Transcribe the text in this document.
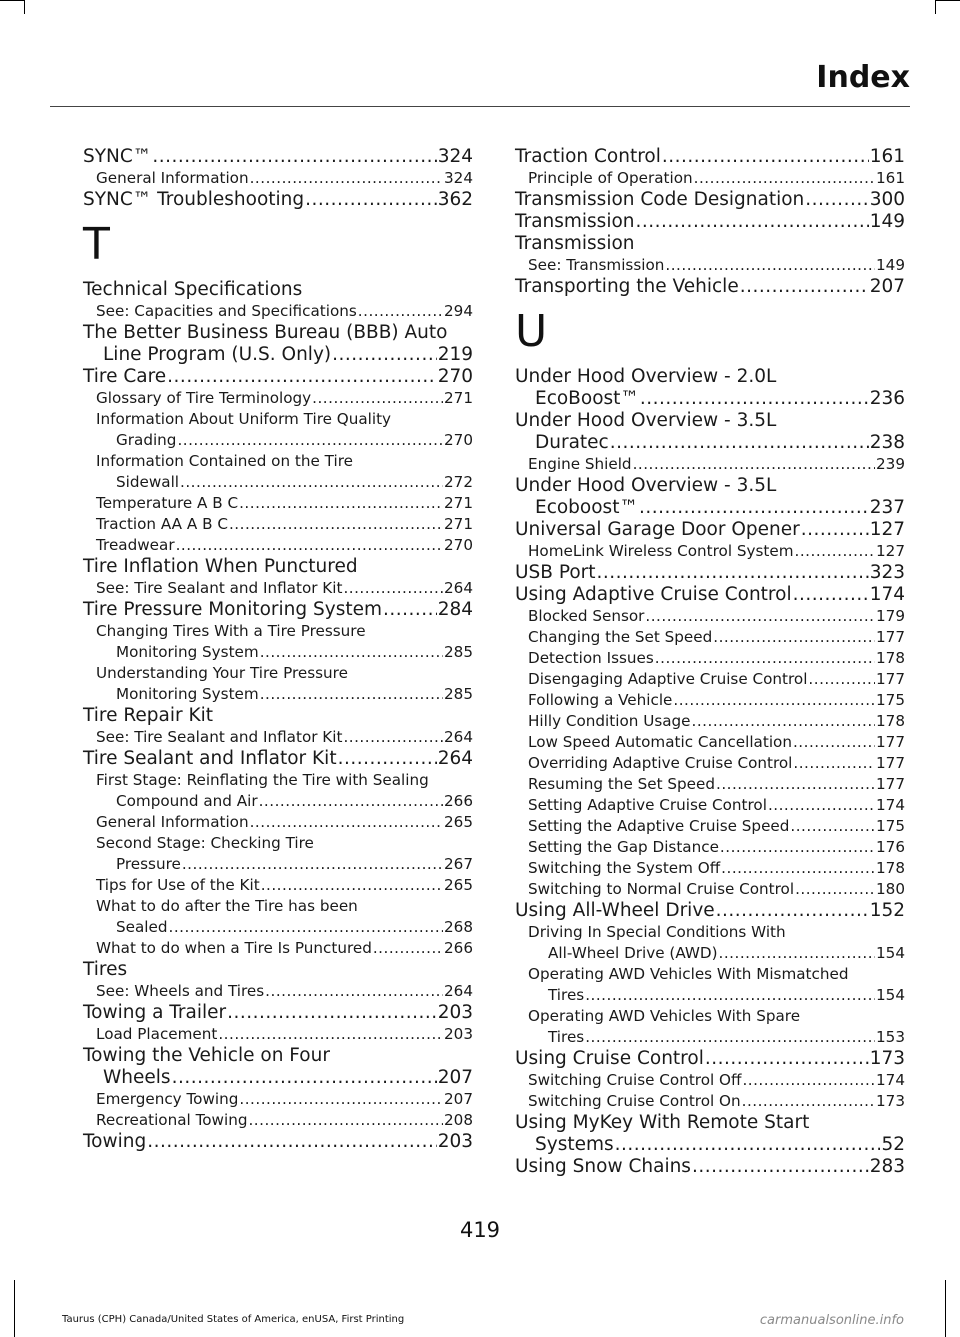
Index
SYNC™ .....	324
General Information .....	324
SYNC™ Troubleshooting .....	362
T
Technical Specifications
See: Capacities and Specifications .....	294
The Better Business Bureau (BBB) Auto
Line Program (U.S. Only) .....	219
Tire Care .....	270
Glossary of Tire Terminology .....	271
Information About Uniform Tire Quality
Grading .....	270
Information Contained on the Tire
Sidewall .....	272
Temperature A B C .....	271
Traction AA A B C .....	271
Treadwear .....	270
Tire Inflation When Punctured
See: Tire Sealant and Inflator Kit .....	264
Tire Pressure Monitoring System .....	284
Changing Tires With a Tire Pressure
Monitoring System .....	285
Understanding Your Tire Pressure
Monitoring System .....	285
Tire Repair Kit
See: Tire Sealant and Inflator Kit .....	264
Tire Sealant and Inflator Kit .....	264
First Stage: Reinflating the Tire with Sealing
Compound and Air .....	266
General Information .....	265
Second Stage: Checking Tire
Pressure .....	267
Tips for Use of the Kit .....	265
What to do after the Tire has been
Sealed .....	268
What to do when a Tire Is Punctured .....	266
Tires
See: Wheels and Tires .....	264
Towing a Trailer .....	203
Load Placement .....	203
Towing the Vehicle on Four
Wheels .....	207
Emergency Towing .....	207
Recreational Towing .....	208
Towing .....	203
Traction Control .....	161
Principle of Operation .....	161
Transmission Code Designation .....	300
Transmission .....	149
Transmission
See: Transmission .....	149
Transporting the Vehicle .....	207
U
Under Hood Overview - 2.0L
EcoBoost™ .....	236
Under Hood Overview - 3.5L
Duratec .....	238
Engine Shield .....	239
Under Hood Overview - 3.5L
Ecoboost™ .....	237
Universal Garage Door Opener .....	127
HomeLink Wireless Control System .....	127
USB Port .....	323
Using Adaptive Cruise Control .....	174
Blocked Sensor .....	179
Changing the Set Speed .....	177
Detection Issues .....	178
Disengaging Adaptive Cruise Control .....	177
Following a Vehicle .....	175
Hilly Condition Usage .....	178
Low Speed Automatic Cancellation .....	177
Overriding Adaptive Cruise Control .....	177
Resuming the Set Speed .....	177
Setting Adaptive Cruise Control .....	174
Setting the Adaptive Cruise Speed .....	175
Setting the Gap Distance .....	176
Switching the System Off .....	178
Switching to Normal Cruise Control .....	180
Using All-Wheel Drive .....	152
Driving In Special Conditions With
All-Wheel Drive (AWD) .....	154
Operating AWD Vehicles With Mismatched
Tires .....	154
Operating AWD Vehicles With Spare
Tires .....	153
Using Cruise Control .....	173
Switching Cruise Control Off .....	174
Switching Cruise Control On .....	173
Using MyKey With Remote Start
Systems .....	52
Using Snow Chains .....	283
419
Taurus (CPH) Canada/United States of America, enUSA, First Printing	carmanualsonline.info
